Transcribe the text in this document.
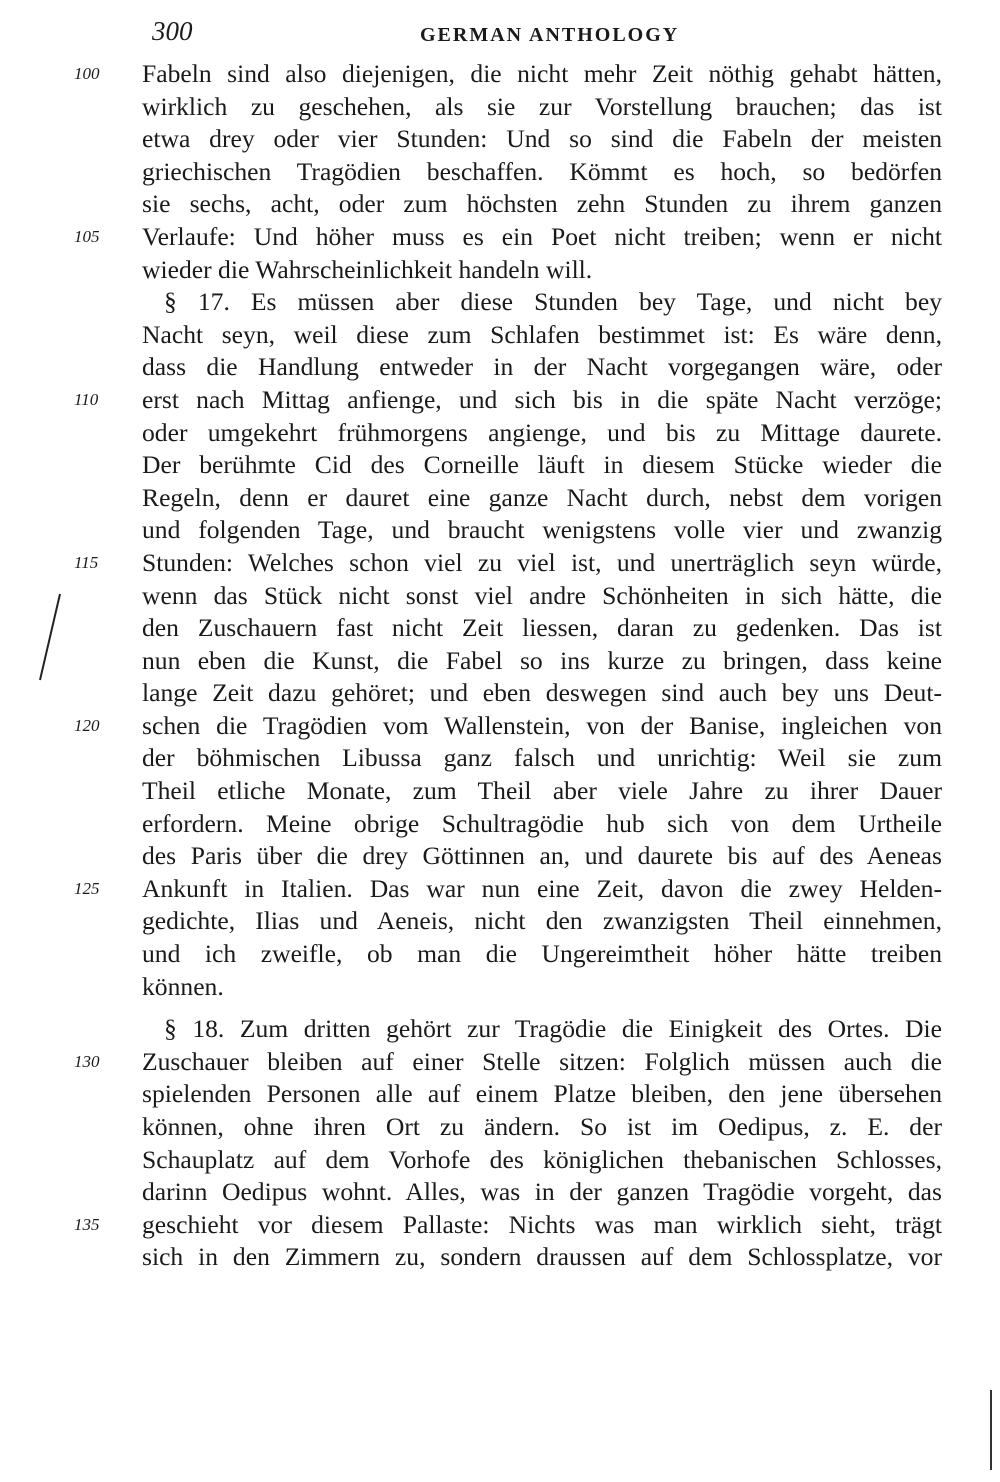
300	GERMAN ANTHOLOGY
100	Fabeln sind also diejenigen, die nicht mehr Zeit nöthig gehabt hätten,
wirklich zu geschehen, als sie zur Vorstellung brauchen; das ist
etwa drey oder vier Stunden: Und so sind die Fabeln der meisten
griechischen Tragödien beschaffen. Kömmt es hoch, so bedörfen
sie sechs, acht, oder zum höchsten zehn Stunden zu ihrem ganzen
105	Verlaufe: Und höher muss es ein Poet nicht treiben; wenn er nicht
wieder die Wahrscheinlichkeit handeln will.
§ 17. Es müssen aber diese Stunden bey Tage, und nicht bey
Nacht seyn, weil diese zum Schlafen bestimmet ist: Es wäre denn,
dass die Handlung entweder in der Nacht vorgegangen wäre, oder
110	erst nach Mittag anfienge, und sich bis in die späte Nacht verzöge;
oder umgekehrt frühmorgens angienge, und bis zu Mittage daurete.
Der berühmte Cid des Corneille läuft in diesem Stücke wieder die
Regeln, denn er dauret eine ganze Nacht durch, nebst dem vorigen
und folgenden Tage, und braucht wenigstens volle vier und zwanzig
115	Stunden: Welches schon viel zu viel ist, und unerträglich seyn würde,
wenn das Stück nicht sonst viel andre Schönheiten in sich hätte, die
den Zuschauern fast nicht Zeit liessen, daran zu gedenken. Das ist
nun eben die Kunst, die Fabel so ins kurze zu bringen, dass keine
lange Zeit dazu gehöret; und eben deswegen sind auch bey uns Deut-
120	schen die Tragödien vom Wallenstein, von der Banise, ingleichen von
der böhmischen Libussa ganz falsch und unrichtig: Weil sie zum
Theil etliche Monate, zum Theil aber viele Jahre zu ihrer Dauer
erfordern. Meine obrige Schultragödie hub sich von dem Urtheile
des Paris über die drey Göttinnen an, und daurete bis auf des Aeneas
125	Ankunft in Italien. Das war nun eine Zeit, davon die zwey Helden-
gedichte, Ilias und Aeneis, nicht den zwanzigsten Theil einnehmen,
und ich zweifle, ob man die Ungereimtheit höher hätte treiben
können.
§ 18. Zum dritten gehört zur Tragödie die Einigkeit des Ortes. Die
130	Zuschauer bleiben auf einer Stelle sitzen: Folglich müssen auch die
spielenden Personen alle auf einem Platze bleiben, den jene übersehen
können, ohne ihren Ort zu ändern. So ist im Oedipus, z. E. der
Schauplatz auf dem Vorhofe des königlichen thebanischen Schlosses,
darinn Oedipus wohnt. Alles, was in der ganzen Tragödie vorgeht, das
135	geschieht vor diesem Pallaste: Nichts was man wirklich sieht, trägt
sich in den Zimmern zu, sondern draussen auf dem Schlossplatze, vor
